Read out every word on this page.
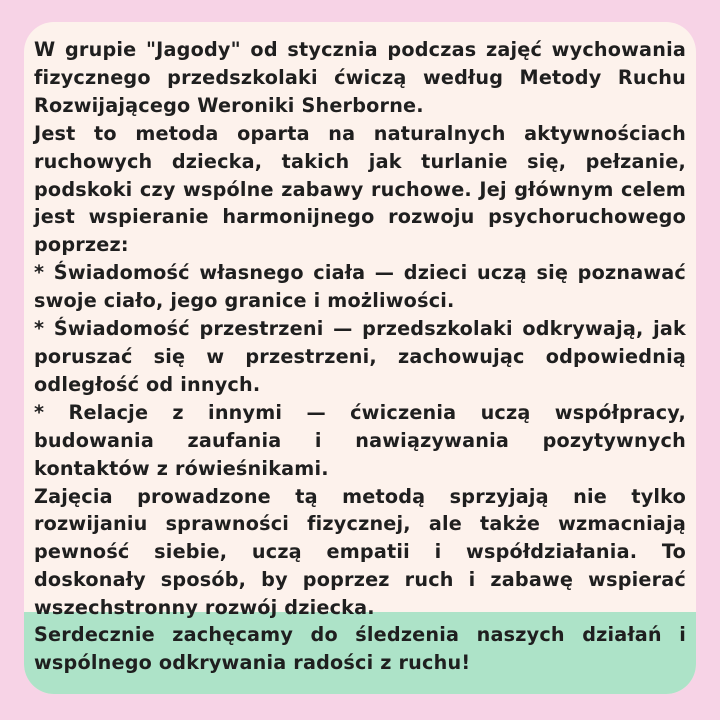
W grupie "Jagody" od stycznia podczas zajęć wychowania fizycznego przedszkolaki ćwiczą według Metody Ruchu Rozwijającego Weroniki Sherborne.

Jest to metoda oparta na naturalnych aktywnościach ruchowych dziecka, takich jak turlanie się, pełzanie, podskoki czy wspólne zabawy ruchowe. Jej głównym celem jest wspieranie harmonijnego rozwoju psychoruchowego poprzez:

* Świadomość własnego ciała — dzieci uczą się poznawać swoje ciało, jego granice i możliwości.

* Świadomość przestrzeni — przedszkolaki odkrywają, jak poruszać się w przestrzeni, zachowując odpowiednią odległość od innych.

* Relacje z innymi — ćwiczenia uczą współpracy, budowania zaufania i nawiązywania pozytywnych kontaktów z rówieśnikami.

Zajęcia prowadzone tą metodą sprzyjają nie tylko rozwijaniu sprawności fizycznej, ale także wzmacniają pewność siebie, uczą empatii i współdziałania. To doskonały sposób, by poprzez ruch i zabawę wspierać wszechstronny rozwój dziecka.

Serdecznie zachęcamy do śledzenia naszych działań i wspólnego odkrywania radości z ruchu!
